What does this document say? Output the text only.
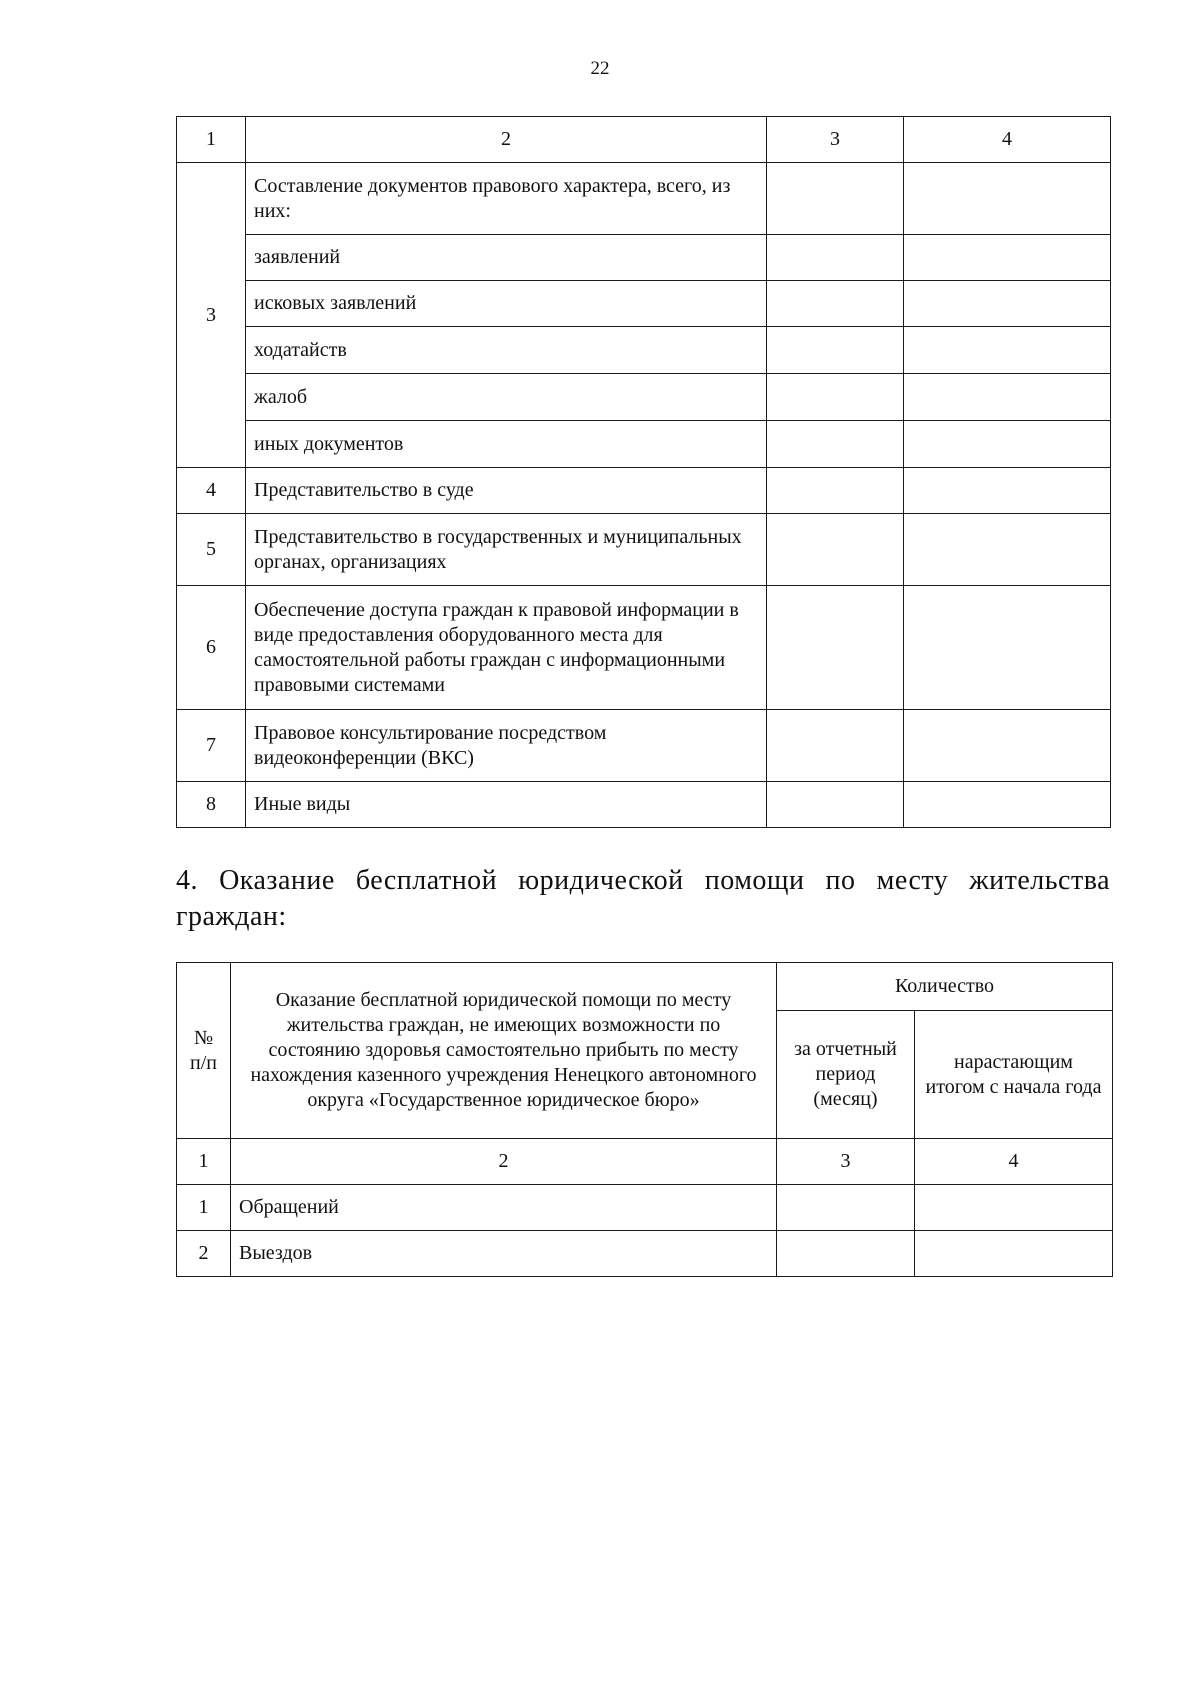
22
1	2	3	4
3	Составление документов правового характера, всего, из них:		
	заявлений		
	исковых заявлений		
	ходатайств		
	жалоб		
	иных документов		
4	Представительство в суде		
5	Представительство в государственных и муниципальных органах, организациях		
6	Обеспечение доступа граждан к правовой информации в виде предоставления оборудованного места для самостоятельной работы граждан с информационными правовыми системами		
7	Правовое консультирование посредством видеоконференции (ВКС)		
8	Иные виды		
4. Оказание бесплатной юридической помощи по месту жительства граждан:
№ п/п	Оказание бесплатной юридической помощи по месту жительства граждан, не имеющих возможности по состоянию здоровья самостоятельно прибыть по месту нахождения казенного учреждения Ненецкого автономного округа «Государственное юридическое бюро»	Количество	
		за отчетный период (месяц)	нарастающим итогом с начала года
1	2	3	4
1	Обращений		
2	Выездов		
